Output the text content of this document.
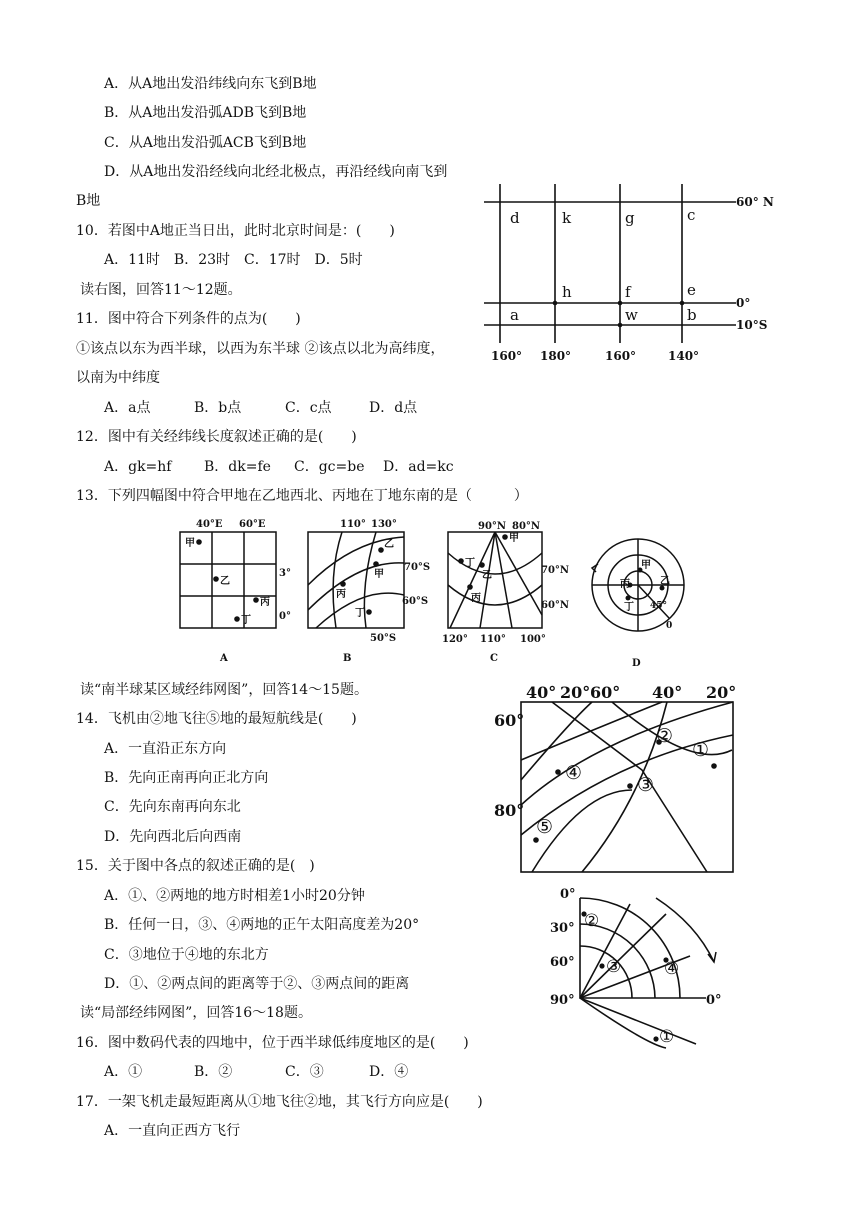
A．从A地出发沿纬线向东飞到B地
B．从A地出发沿弧ADB飞到B地
C．从A地出发沿弧ACB飞到B地
D．从A地出发沿经线向北经北极点，再沿经线向南飞到
B地
10．若图中A地正当日出，此时北京时间是：(　　)
A．11时　B．23时　C．17时　D．5时
读右图，回答11～12题。
11．图中符合下列条件的点为(　　)
①该点以东为西半球，以西为东半球 ②该点以北为高纬度，
以南为中纬度
A．a点	B．b点	C．c点	D．d点
12．图中有关经纬线长度叙述正确的是(　　)
A．gk=hf B．dk=fe C．gc=be D．ad=kc
13．下列四幅图中符合甲地在乙地西北、丙地在丁地东南的是（　　　）
读“南半球某区域经纬网图”，回答14～15题。
14．飞机由②地飞往⑤地的最短航线是(　　)
A．一直沿正东方向
B．先向正南再向正北方向
C．先向东南再向东北
D．先向西北后向西南
15．关于图中各点的叙述正确的是(　)
A．①、②两地的地方时相差1小时20分钟
B．任何一日，③、④两地的正午太阳高度差为20°
C．③地位于④地的东北方
D．①、②两点间的距离等于②、③两点间的距离
读“局部经纬网图”，回答16～18题。
16．图中数码代表的四地中，位于西半球低纬度地区的是(　　)
A．①	B．②	C．③	D．④
17．一架飞机走最短距离从①地飞往②地，其飞行方向应是(　　)
A．一直向正西方飞行
d	k	g	c
h	f	e
a	w	b
60° N
0°
10°S
160° 180°	160°	140°
40°E 60°E
3°
0°
甲
乙
丙
丁
A
110° 130°
70°S
60°S
50°S
乙
甲
丙
丁
B
90°N 80°N
70°N
60°N
120° 110° 100°
甲
丁
乙
丙
C
甲
丙	乙
丁 45°
0
D
40° 20° 60° 40° 20°
60°
80°
①
②
③
④
⑤
0°
30°
60°
90°	0°
①
②
③	④
